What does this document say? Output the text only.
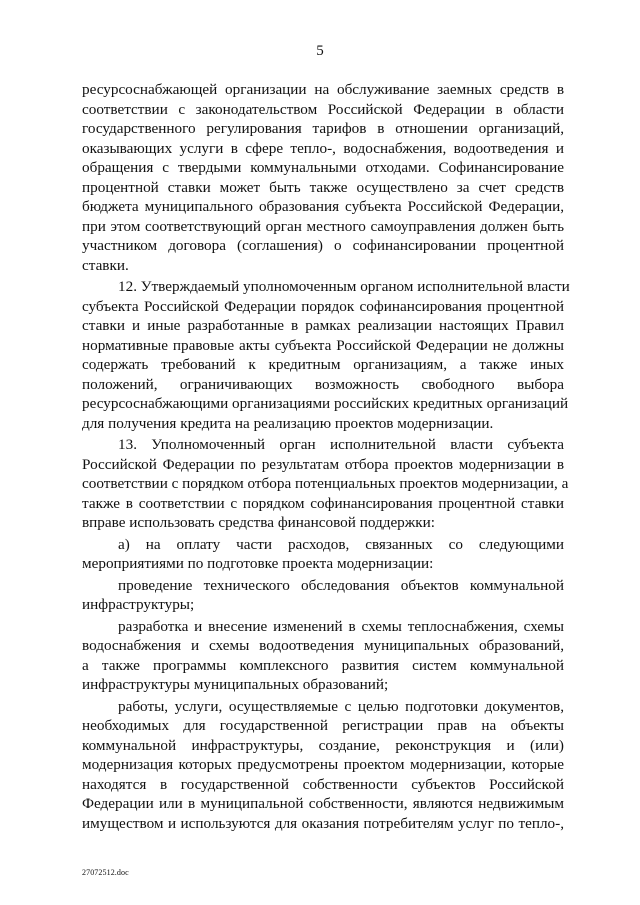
5
ресурсоснабжающей организации на обслуживание заемных средств в
соответствии с законодательством Российской Федерации в области
государственного регулирования тарифов в отношении организаций,
оказывающих услуги в сфере тепло-, водоснабжения, водоотведения и
обращения с твердыми коммунальными отходами. Софинансирование
процентной ставки может быть также осуществлено за счет средств
бюджета муниципального образования субъекта Российской Федерации,
при этом соответствующий орган местного самоуправления должен быть
участником договора (соглашения) о софинансировании процентной
ставки.
12. Утверждаемый уполномоченным органом исполнительной власти
субъекта Российской Федерации порядок софинансирования процентной
ставки и иные разработанные в рамках реализации настоящих Правил
нормативные правовые акты субъекта Российской Федерации не должны
содержать требований к кредитным организациям, а также иных
положений, ограничивающих возможность свободного выбора
ресурсоснабжающими организациями российских кредитных организаций
для получения кредита на реализацию проектов модернизации.
13. Уполномоченный орган исполнительной власти субъекта
Российской Федерации по результатам отбора проектов модернизации в
соответствии с порядком отбора потенциальных проектов модернизации, а
также в соответствии с порядком софинансирования процентной ставки
вправе использовать средства финансовой поддержки:
а) на оплату части расходов, связанных со следующими
мероприятиями по подготовке проекта модернизации:
проведение технического обследования объектов коммунальной
инфраструктуры;
разработка и внесение изменений в схемы теплоснабжения, схемы
водоснабжения и схемы водоотведения муниципальных образований,
а также программы комплексного развития систем коммунальной
инфраструктуры муниципальных образований;
работы, услуги, осуществляемые с целью подготовки документов,
необходимых для государственной регистрации прав на объекты
коммунальной инфраструктуры, создание, реконструкция и (или)
модернизация которых предусмотрены проектом модернизации, которые
находятся в государственной собственности субъектов Российской
Федерации или в муниципальной собственности, являются недвижимым
имуществом и используются для оказания потребителям услуг по тепло-,
27072512.doc
